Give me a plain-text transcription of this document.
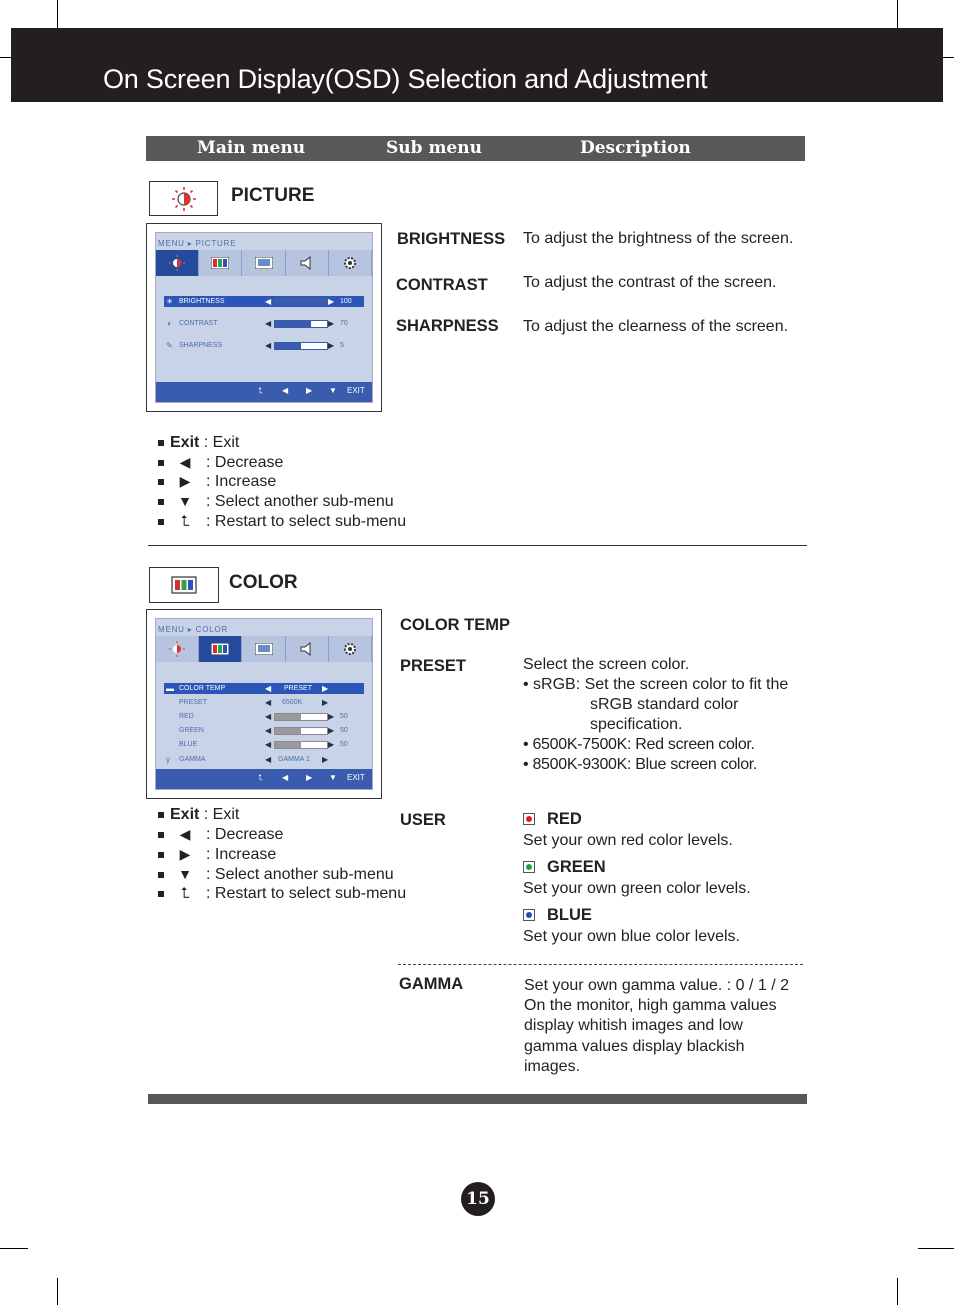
On Screen Display(OSD) Selection and Adjustment
Main menu	Sub menu	Description
PICTURE
MENU ▸ PICTURE
☀ BRIGHTNESS	◀	▶ 100
◑ CONTRAST	◀	▶ 70
✎ SHARPNESS	◀	▶ 5
⮤ ◀ ▶ ▼ EXIT
BRIGHTNESS To adjust the brightness of the screen.
CONTRAST To adjust the contrast of the screen.
SHARPNESS To adjust the clearness of the screen.
Exit : Exit
◀ : Decrease
▶ : Increase
▼ : Select another sub-menu
⮤ : Restart to select sub-menu
COLOR
MENU ▸ COLOR
▬ COLOR TEMP	◀ PRESET ▶
PRESET	◀ 6500K ▶
RED	◀	▶ 50
GREEN	◀	▶ 50
BLUE	◀	▶ 50
γ GAMMA	◀ GAMMA 1 ▶
⮤ ◀ ▶ ▼ EXIT
COLOR TEMP
PRESET	Select the screen color.
• sRGB: Set the screen color to fit the
sRGB standard color
specification.
• 6500K-7500K: Red screen color.
• 8500K-9300K: Blue screen color.
USER	RED
Set your own red color levels.
GREEN
Set your own green color levels.
BLUE
Set your own blue color levels.
GAMMA	Set your own gamma value. : 0 / 1 / 2
On the monitor, high gamma values
display whitish images and low
gamma values display blackish
images.
Exit : Exit
◀ : Decrease
▶ : Increase
▼ : Select another sub-menu
⮤ : Restart to select sub-menu
15
